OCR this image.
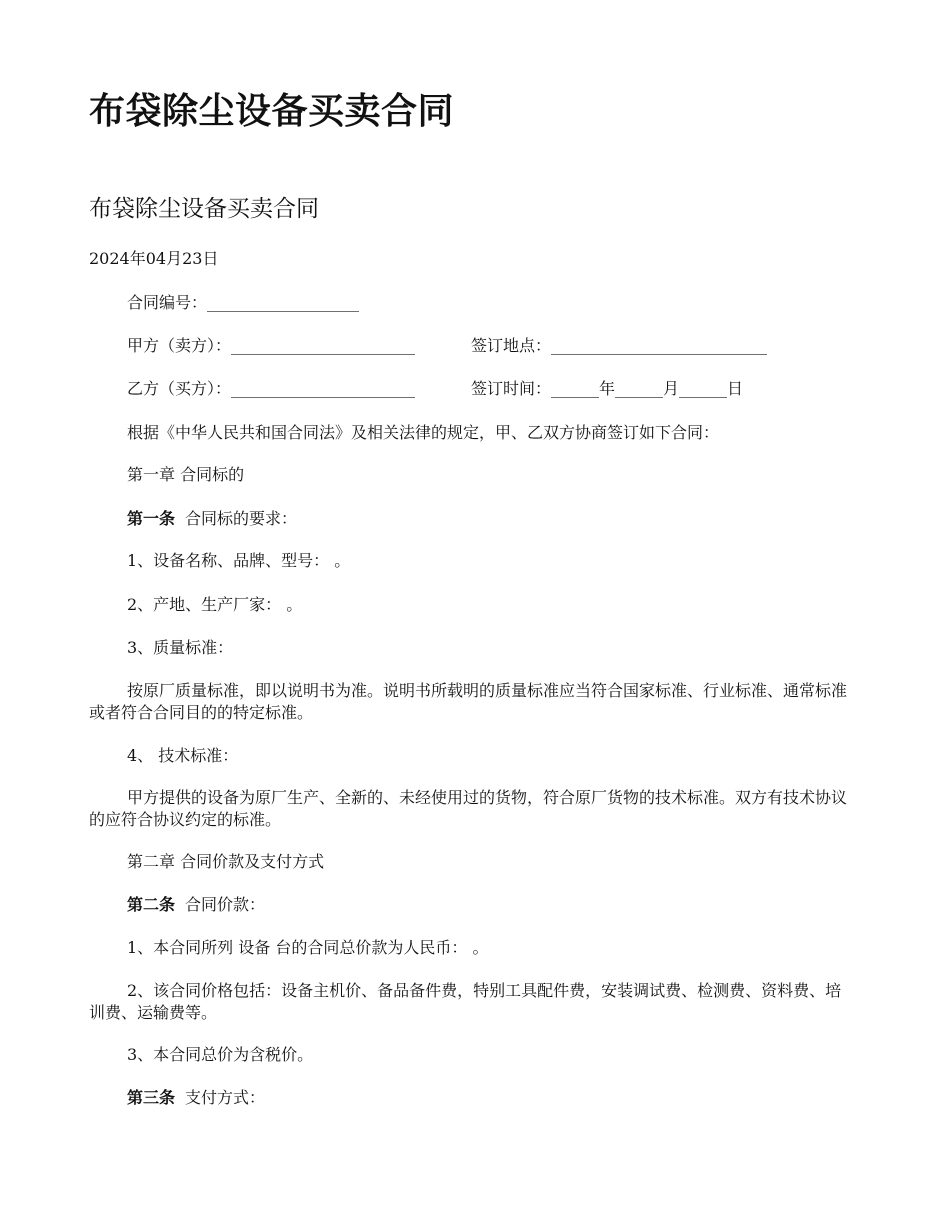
布袋除尘设备买卖合同
布袋除尘设备买卖合同
2024年04月23日
合同编号：___________________
甲方（卖方）：_______________________	签订地点：___________________________
乙方（买方）：_______________________	签订时间：______年______月______日
根据《中华人民共和国合同法》及相关法律的规定，甲、乙双方协商签订如下合同：
第一章 合同标的
第一条 合同标的要求：
1、设备名称、品牌、型号： 。
2、产地、生产厂家： 。
3、质量标准：
按原厂质量标准，即以说明书为准。说明书所载明的质量标准应当符合国家标准、行业标准、通常标准或者符合合同目的的特定标准。
4、 技术标准：
甲方提供的设备为原厂生产、全新的、未经使用过的货物，符合原厂货物的技术标准。双方有技术协议的应符合协议约定的标准。
第二章 合同价款及支付方式
第二条 合同价款：
1、本合同所列 设备 台的合同总价款为人民币： 。
2、该合同价格包括：设备主机价、备品备件费，特别工具配件费，安装调试费、检测费、资料费、培训费、运输费等。
3、本合同总价为含税价。
第三条 支付方式：
